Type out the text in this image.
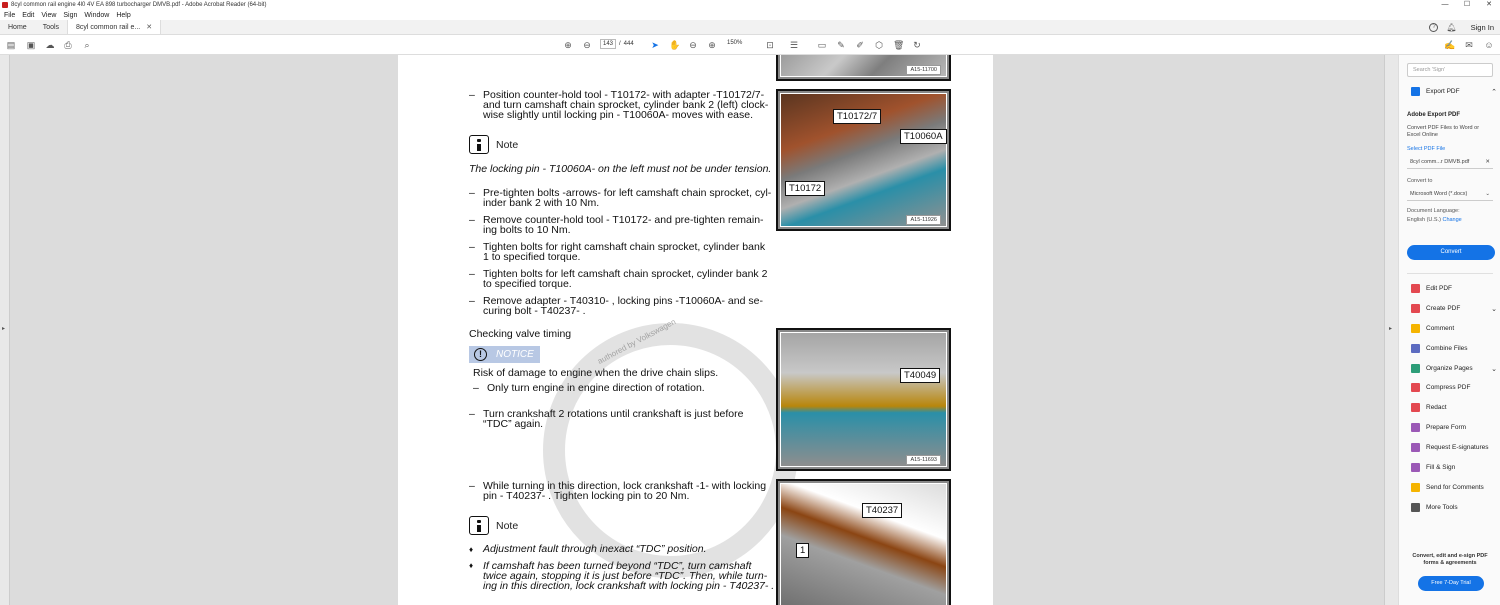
8cyl common rail engine 4l0 4V EA 898 turbocharger DMVB.pdf - Adobe Acrobat Reader (64-bit)	—	☐	✕
File Edit View Sign Window Help
Home	Tools	8cyl common rail e... ✕	?	🔔︎ Sign In
▤ ▣ ☁ ⎙ ⌕	⊕ ⊖	143	/ 444 ➤ ✋ ⊖ ⊕ 150%	⊡ ☰ ▭ ✎ ✐ ⬡ 🗑︎ ↻	✍ ✉ ☺
▸	▸
authored by Volkswagen
– Position counter-hold tool - T10172- with adapter -T10172/7-
and turn camshaft chain sprocket, cylinder bank 2 (left) clock-
wise slightly until locking pin - T10060A- moves with ease.
Note
The locking pin - T10060A- on the left must not be under tension.
– Pre-tighten bolts -arrows- for left camshaft chain sprocket, cyl-
inder bank 2 with 10 Nm.
– Remove counter-hold tool - T10172- and pre-tighten remain-
ing bolts to 10 Nm.
– Tighten bolts for right camshaft chain sprocket, cylinder bank
1 to specified torque.
– Tighten bolts for left camshaft chain sprocket, cylinder bank 2
to specified torque.
– Remove adapter - T40310- , locking pins -T10060A- and se-
curing bolt - T40237- .
Checking valve timing
!	NOTICE
Risk of damage to engine when the drive chain slips.
– Only turn engine in engine direction of rotation.
– Turn crankshaft 2 rotations until crankshaft is just before
“TDC” again.
– While turning in this direction, lock crankshaft -1- with locking
pin - T40237- . Tighten locking pin to 20 Nm.
Note
♦ Adjustment fault through inexact “TDC” position.
♦ If camshaft has been turned beyond “TDC”, turn camshaft
twice again, stopping it is just before “TDC”. Then, while turn-
ing in this direction, lock crankshaft with locking pin - T40237- .
A15-11700
T10172/7
T10060A
T10172
A15-11926
T40049
A15-11693
T40237
1
Search 'Sign'
Export PDF	⌃
Adobe Export PDF
Convert PDF Files to Word or Excel Online
Select PDF File
8cyl comm...r DMVB.pdf	✕
Convert to
Microsoft Word (*.docx)	⌄
Document Language:
English (U.S.) Change
Convert
Edit PDF
Create PDF	⌄
Comment
Combine Files
Organize Pages	⌄
Compress PDF
Redact
Prepare Form
Request E-signatures
Fill & Sign
Send for Comments
More Tools
Convert, edit and e-sign PDF forms & agreements
Free 7-Day Trial
